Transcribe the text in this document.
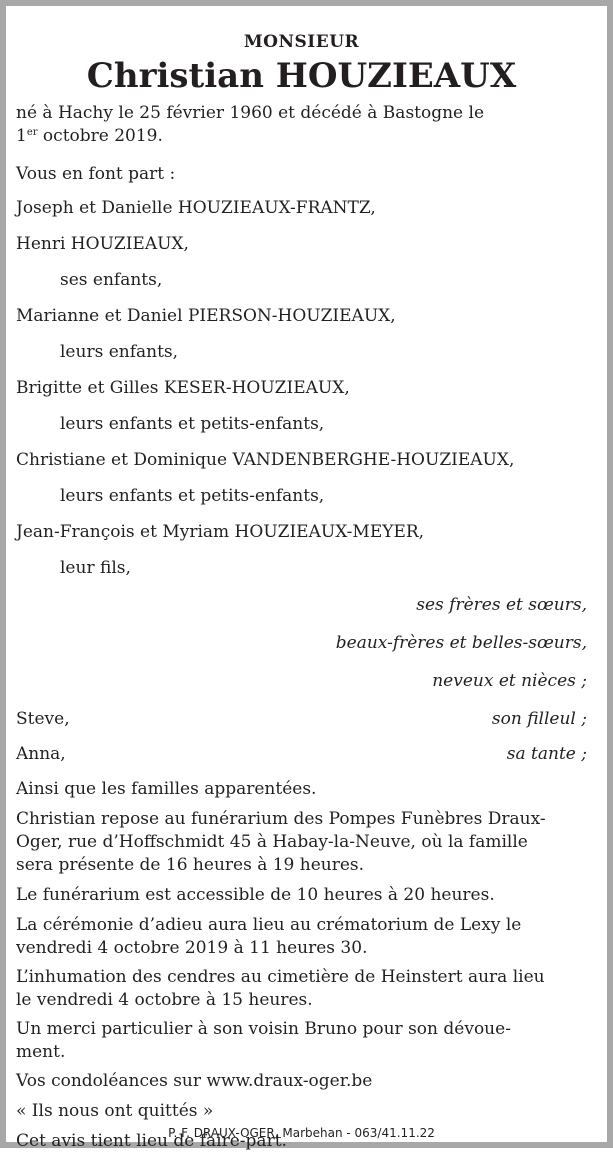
MONSIEUR
Christian HOUZIEAUX
né à Hachy le 25 février 1960 et décédé à Bastogne le
1er octobre 2019.
Vous en font part :
Joseph et Danielle HOUZIEAUX-FRANTZ,
Henri HOUZIEAUX,
ses enfants,
Marianne et Daniel PIERSON-HOUZIEAUX,
leurs enfants,
Brigitte et Gilles KESER-HOUZIEAUX,
leurs enfants et petits-enfants,
Christiane et Dominique VANDENBERGHE-HOUZIEAUX,
leurs enfants et petits-enfants,
Jean-François et Myriam HOUZIEAUX-MEYER,
leur fils,
ses frères et sœurs,
beaux-frères et belles-sœurs,
neveux et nièces ;
Steve,	son filleul ;
Anna,	sa tante ;
Ainsi que les familles apparentées.
Christian repose au funérarium des Pompes Funèbres Draux-
Oger, rue d’Hoffschmidt 45 à Habay-la-Neuve, où la famille
sera présente de 16 heures à 19 heures.
Le funérarium est accessible de 10 heures à 20 heures.
La cérémonie d’adieu aura lieu au crématorium de Lexy le
vendredi 4 octobre 2019 à 11 heures 30.
L’inhumation des cendres au cimetière de Heinstert aura lieu
le vendredi 4 octobre à 15 heures.
Un merci particulier à son voisin Bruno pour son dévoue-
ment.
Vos condoléances sur www.draux-oger.be
« Ils nous ont quittés »
Cet avis tient lieu de faire-part.
P. F. DRAUX-OGER, Marbehan - 063/41.11.22
